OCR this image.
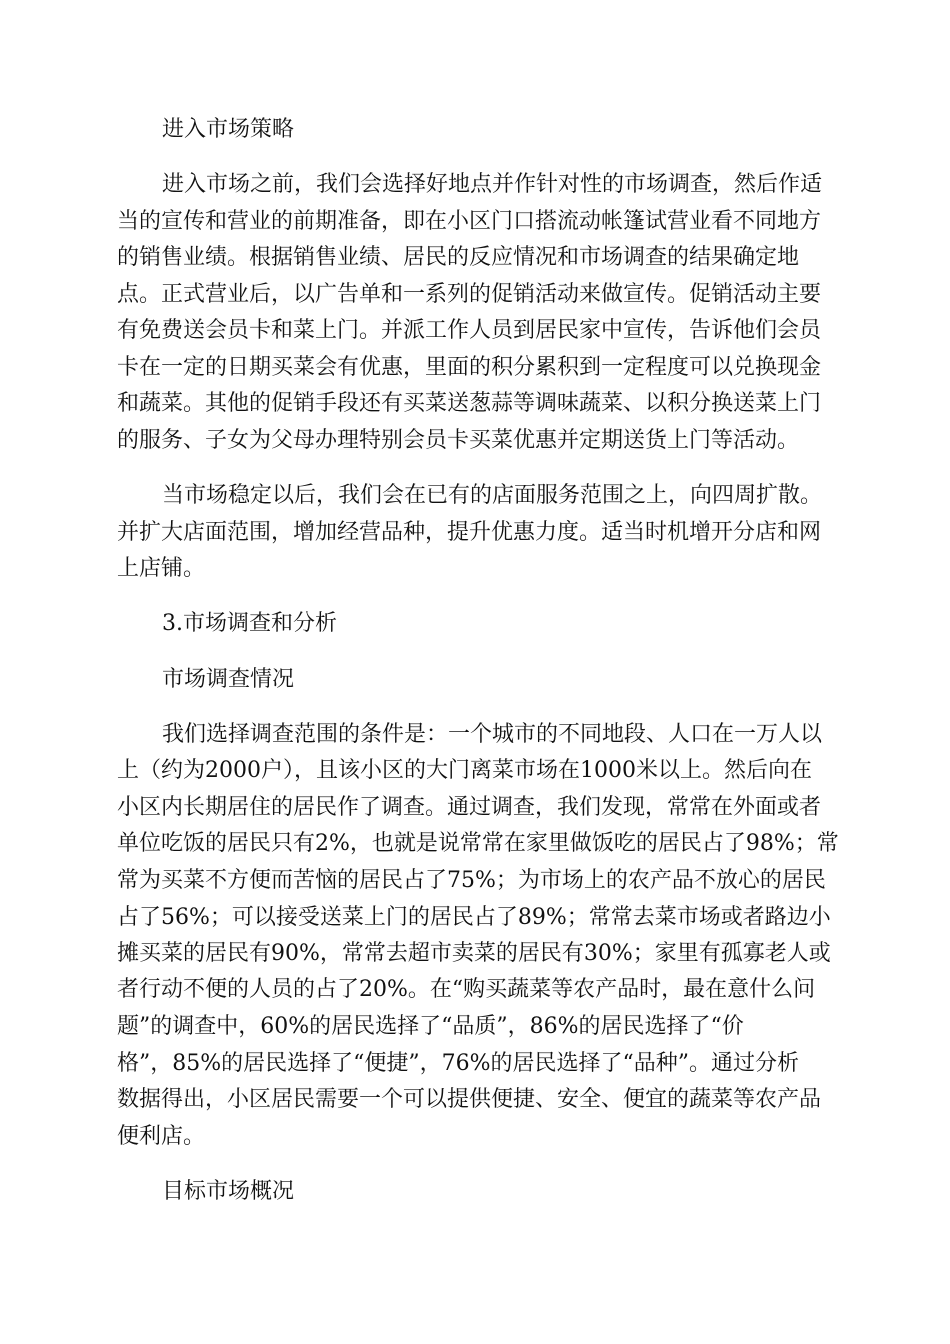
进入市场策略
进入市场之前，我们会选择好地点并作针对性的市场调查，然后作适
当的宣传和营业的前期准备，即在小区门口搭流动帐篷试营业看不同地方
的销售业绩。根据销售业绩、居民的反应情况和市场调查的结果确定地
点。正式营业后，以广告单和一系列的促销活动来做宣传。促销活动主要
有免费送会员卡和菜上门。并派工作人员到居民家中宣传，告诉他们会员
卡在一定的日期买菜会有优惠，里面的积分累积到一定程度可以兑换现金
和蔬菜。其他的促销手段还有买菜送葱蒜等调味蔬菜、以积分换送菜上门
的服务、子女为父母办理特别会员卡买菜优惠并定期送货上门等活动。
当市场稳定以后，我们会在已有的店面服务范围之上，向四周扩散。
并扩大店面范围，增加经营品种，提升优惠力度。适当时机增开分店和网
上店铺。
3.市场调查和分析
市场调查情况
我们选择调查范围的条件是：一个城市的不同地段、人口在一万人以
上（约为2000户），且该小区的大门离菜市场在1000米以上。然后向在
小区内长期居住的居民作了调查。通过调查，我们发现，常常在外面或者
单位吃饭的居民只有2%，也就是说常常在家里做饭吃的居民占了98%；常
常为买菜不方便而苦恼的居民占了75%；为市场上的农产品不放心的居民
占了56%；可以接受送菜上门的居民占了89%；常常去菜市场或者路边小
摊买菜的居民有90%，常常去超市卖菜的居民有30%；家里有孤寡老人或
者行动不便的人员的占了20%。在“购买蔬菜等农产品时，最在意什么问
题”的调查中，60%的居民选择了“品质”，86%的居民选择了“价
格”，85%的居民选择了“便捷”，76%的居民选择了“品种”。通过分析
数据得出，小区居民需要一个可以提供便捷、安全、便宜的蔬菜等农产品
便利店。
目标市场概况
